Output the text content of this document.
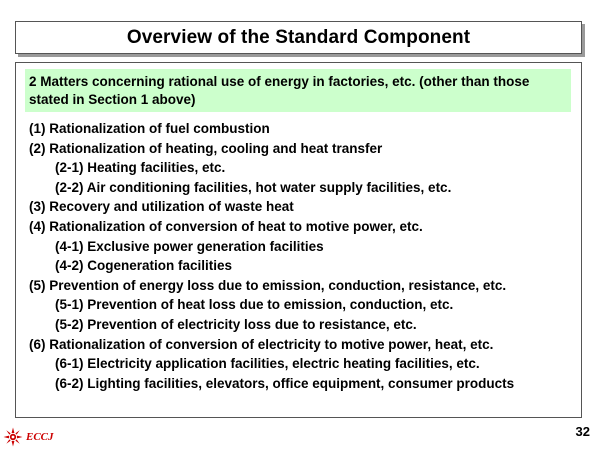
Overview of the Standard Component
2 Matters concerning rational use of energy in factories, etc. (other than those stated in Section 1 above)
(1) Rationalization of fuel combustion
(2) Rationalization of heating, cooling and heat transfer
(2-1) Heating facilities, etc.
(2-2) Air conditioning facilities, hot water supply facilities, etc.
(3) Recovery and utilization of waste heat
(4) Rationalization of conversion of heat to motive power, etc.
(4-1) Exclusive power generation facilities
(4-2) Cogeneration facilities
(5) Prevention of energy loss due to emission, conduction, resistance, etc.
(5-1) Prevention of heat loss due to emission, conduction, etc.
(5-2) Prevention of electricity loss due to resistance, etc.
(6) Rationalization of conversion of electricity to motive power, heat, etc.
(6-1) Electricity application facilities, electric heating facilities, etc.
(6-2) Lighting facilities, elevators, office equipment, consumer products
32
ECCJ
